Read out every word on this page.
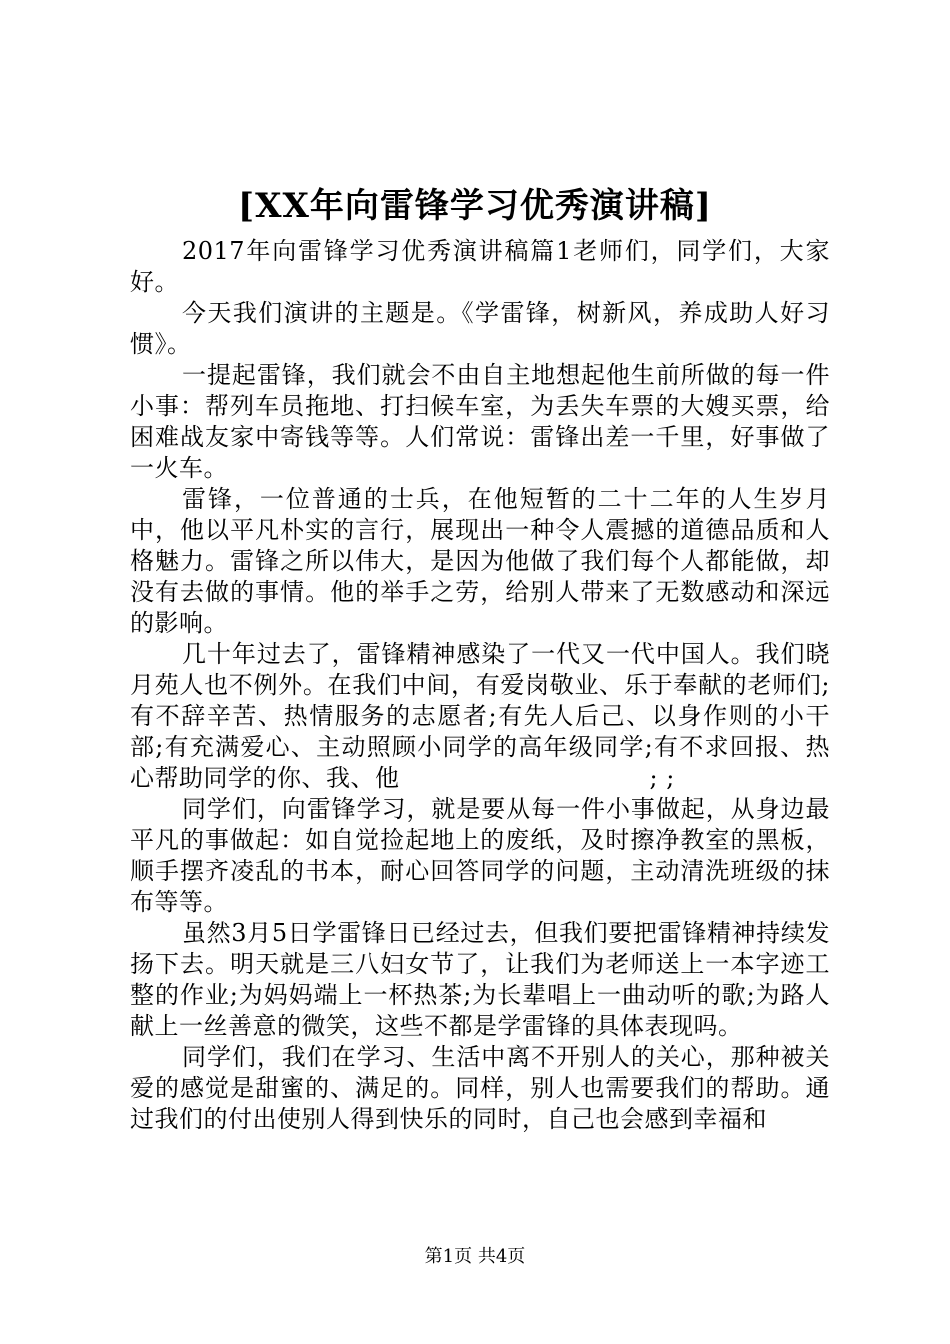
[XX年向雷锋学习优秀演讲稿]

2017年向雷锋学习优秀演讲稿篇1老师们，同学们，大家好。

今天我们演讲的主题是。《学雷锋，树新风，养成助人好习惯》。

一提起雷锋，我们就会不由自主地想起他生前所做的每一件小事：帮列车员拖地、打扫候车室，为丢失车票的大嫂买票，给困难战友家中寄钱等等。人们常说：雷锋出差一千里，好事做了一火车。

雷锋，一位普通的士兵，在他短暂的二十二年的人生岁月中，他以平凡朴实的言行，展现出一种令人震撼的道德品质和人格魅力。雷锋之所以伟大，是因为他做了我们每个人都能做，却没有去做的事情。他的举手之劳，给别人带来了无数感动和深远的影响。

几十年过去了，雷锋精神感染了一代又一代中国人。我们晓月苑人也不例外。在我们中间，有爱岗敬业、乐于奉献的老师们;有不辞辛苦、热情服务的志愿者;有先人后己、以身作则的小干部;有充满爱心、主动照顾小同学的高年级同学;有不求回报、热心帮助同学的你、我、他	; ;

同学们，向雷锋学习，就是要从每一件小事做起，从身边最平凡的事做起：如自觉捡起地上的废纸，及时擦净教室的黑板，顺手摆齐凌乱的书本，耐心回答同学的问题，主动清洗班级的抹布等等。

虽然3月5日学雷锋日已经过去，但我们要把雷锋精神持续发扬下去。明天就是三八妇女节了，让我们为老师送上一本字迹工整的作业;为妈妈端上一杯热茶;为长辈唱上一曲动听的歌;为路人献上一丝善意的微笑，这些不都是学雷锋的具体表现吗。

同学们，我们在学习、生活中离不开别人的关心，那种被关爱的感觉是甜蜜的、满足的。同样，别人也需要我们的帮助。通过我们的付出使别人得到快乐的同时，自己也会感到幸福和

第1页 共4页
